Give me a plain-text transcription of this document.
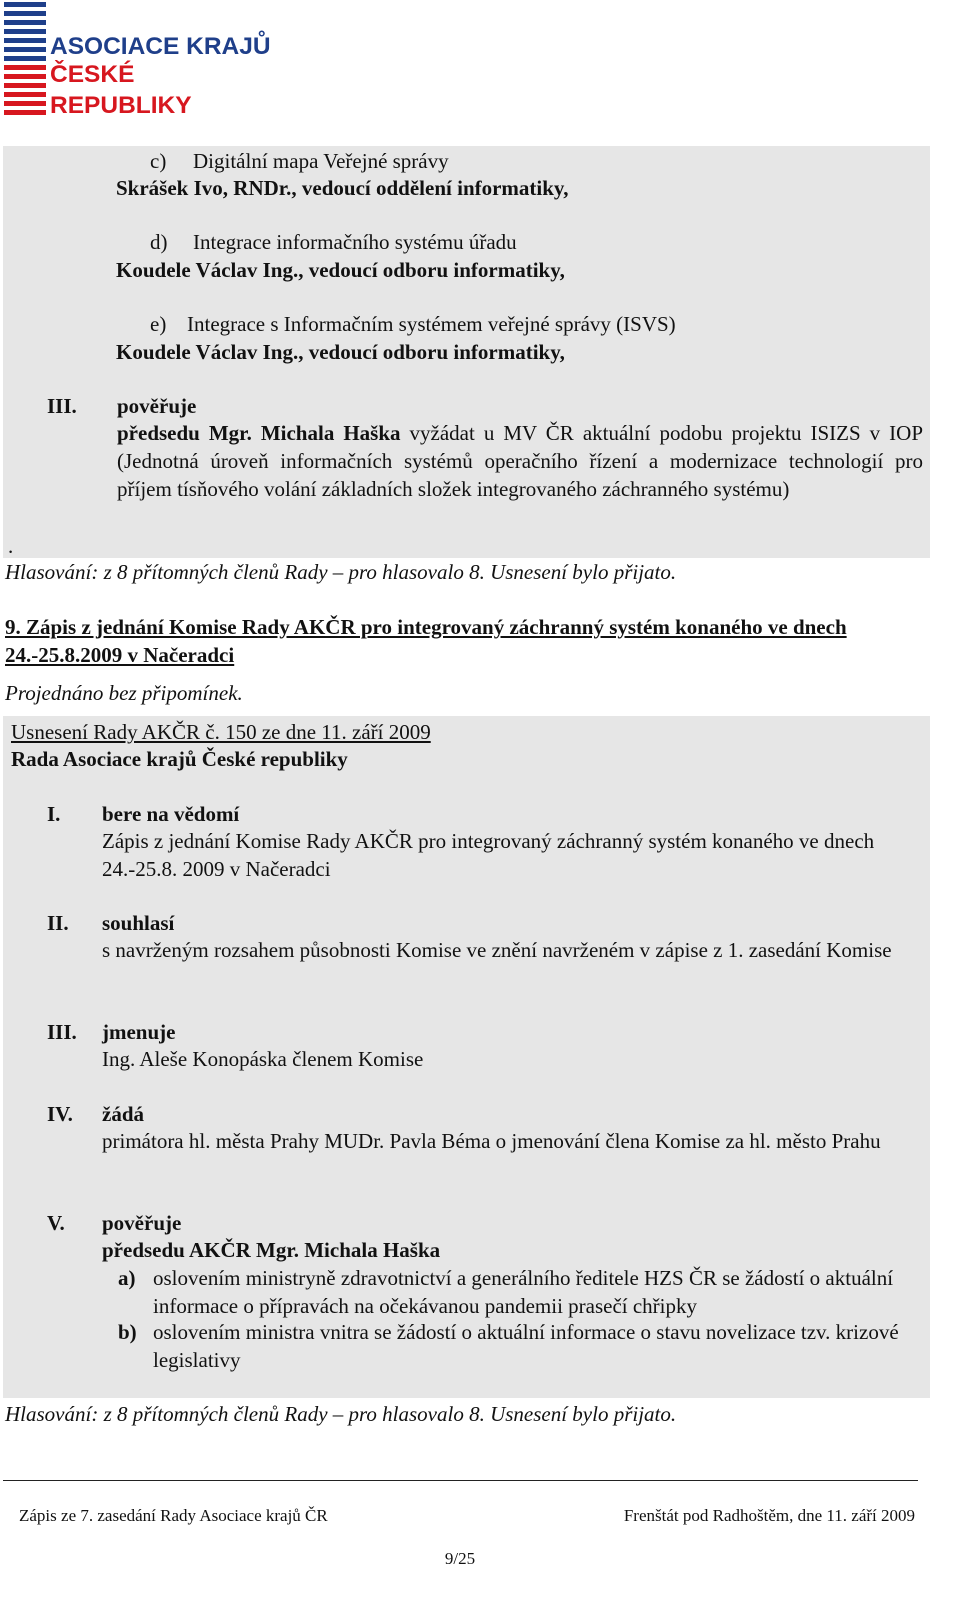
ASOCIACE KRAJŮ
ČESKÉ REPUBLIKY
c) Digitální mapa Veřejné správy
Skrášek Ivo, RNDr., vedoucí oddělení informatiky,
d) Integrace informačního systému úřadu
Koudele Václav Ing., vedoucí odboru informatiky,
e) Integrace s Informačním systémem veřejné správy (ISVS)
Koudele Václav Ing., vedoucí odboru informatiky,
III. pověřuje
předsedu Mgr. Michala Haška vyžádat u MV ČR aktuální podobu projektu ISIZS v IOP (Jednotná úroveň informačních systémů operačního řízení a modernizace technologií pro příjem tísňového volání základních složek integrovaného záchranného systému)
.
Hlasování: z 8 přítomných členů Rady – pro hlasovalo 8. Usnesení bylo přijato.
9. Zápis z jednání Komise Rady AKČR pro integrovaný záchranný systém konaného ve dnech 24.-25.8.2009 v Načeradci
Projednáno bez připomínek.
Usnesení Rady AKČR č. 150 ze dne 11. září 2009
Rada Asociace krajů České republiky
I. bere na vědomí
Zápis z jednání Komise Rady AKČR pro integrovaný záchranný systém konaného ve dnech 24.-25.8. 2009 v Načeradci
II. souhlasí
s navrženým rozsahem působnosti Komise ve znění navrženém v zápise z 1. zasedání Komise
III. jmenuje
Ing. Aleše Konopáska členem Komise
IV. žádá
primátora hl. města Prahy MUDr. Pavla Béma o jmenování člena Komise za hl. město Prahu
V. pověřuje
předsedu AKČR Mgr. Michala Haška
a) oslovením ministryně zdravotnictví a generálního ředitele HZS ČR se žádostí o aktuální informace o přípravách na očekávanou pandemii prasečí chřipky
b) oslovením ministra vnitra se žádostí o aktuální informace o stavu novelizace tzv. krizové legislativy
Hlasování: z 8 přítomných členů Rady – pro hlasovalo 8. Usnesení bylo přijato.
Zápis ze 7. zasedání Rady Asociace krajů ČR	Frenštát pod Radhoštěm, dne 11. září 2009
9/25
